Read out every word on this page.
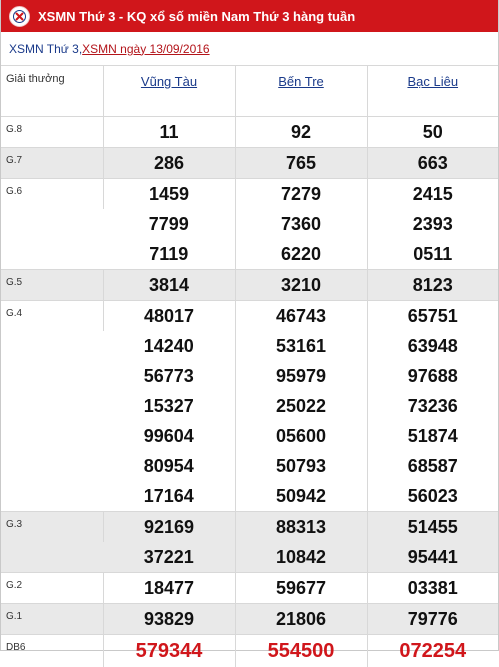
XSMN Thứ 3 - KQ xổ số miền Nam Thứ 3 hàng tuần
XSMN Thứ 3, XSMN ngày 13/09/2016
Giải thưởng	Vũng Tàu	Bến Tre	Bạc Liêu
G.8	11	92	50
G.7	286	765	663
G.6	1459	7279	2415
	7799	7360	2393
	7119	6220	0511
G.5	3814	3210	8123
G.4	48017	46743	65751
	14240	53161	63948
	56773	95979	97688
	15327	25022	73236
	99604	05600	51874
	80954	50793	68587
	17164	50942	56023
G.3	92169	88313	51455
	37221	10842	95441
G.2	18477	59677	03381
G.1	93829	21806	79776
DB6	579344	554500	072254
